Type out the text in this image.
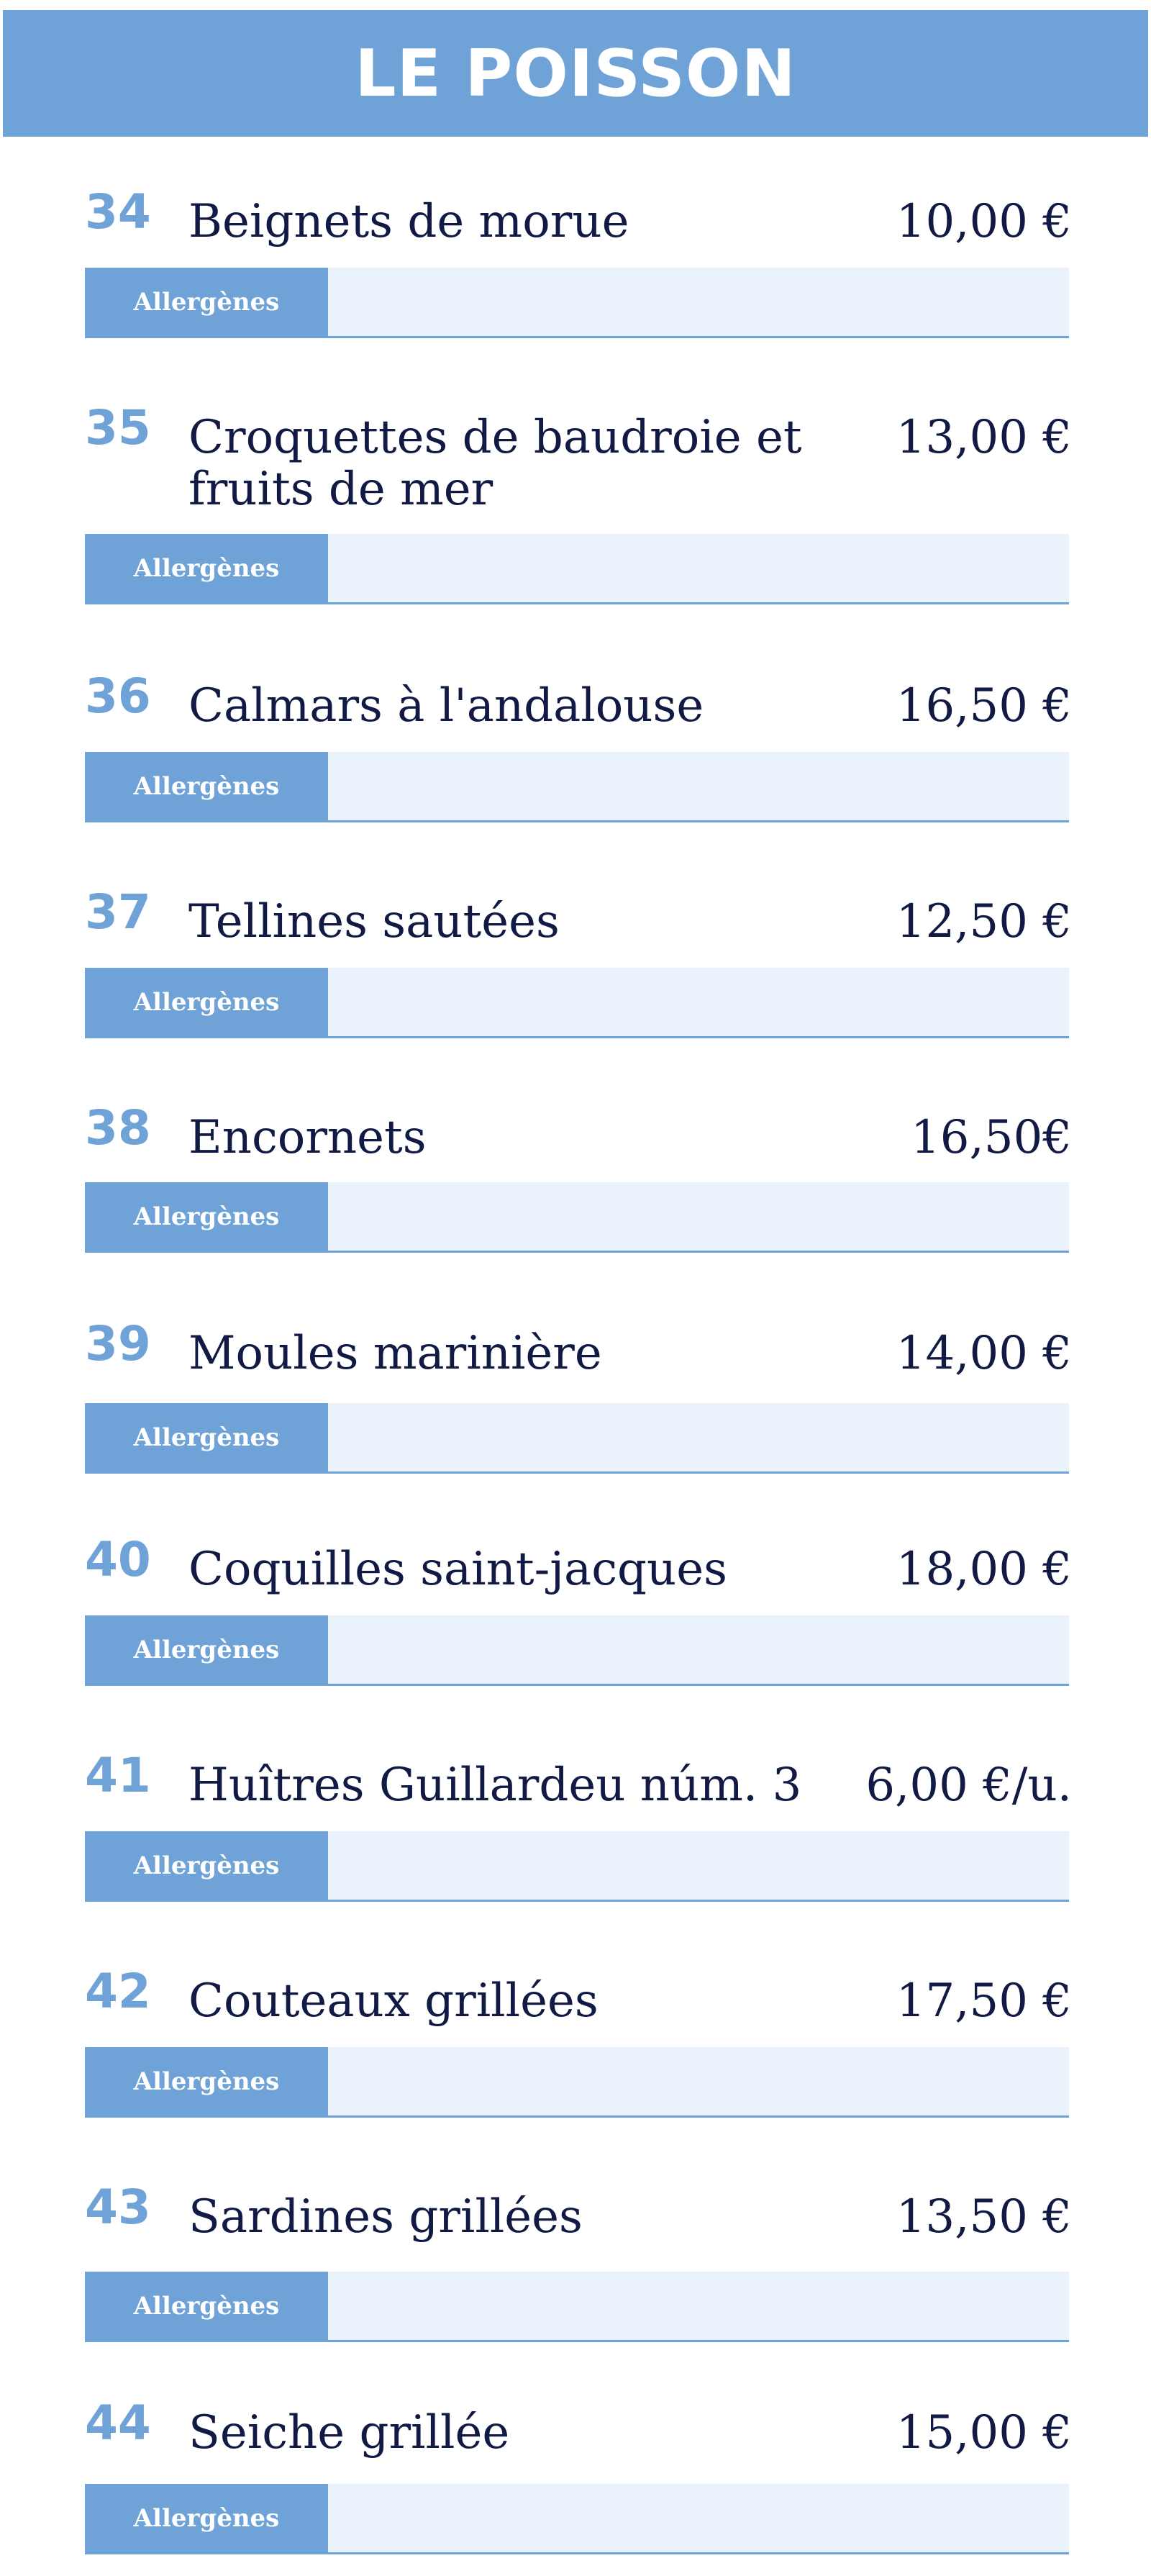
LE POISSON
34 Beignets de morue	10,00 €
Allergènes
35 Croquettes de baudroie et fruits de mer
13,00 €
Allergènes
36 Calmars à l'andalouse	16,50 €
Allergènes
37 Tellines sautées	12,50 €
Allergènes
38 Encornets	16,50€
Allergènes
39 Moules marinière	14,00 €
Allergènes
40 Coquilles saint-jacques	18,00 €
Allergènes
41 Huîtres Guillardeu núm. 3	6,00 €/u.
Allergènes
42 Couteaux grillées	17,50 €
Allergènes
43 Sardines grillées	13,50 €
Allergènes
44 Seiche grillée	15,00 €
Allergènes
